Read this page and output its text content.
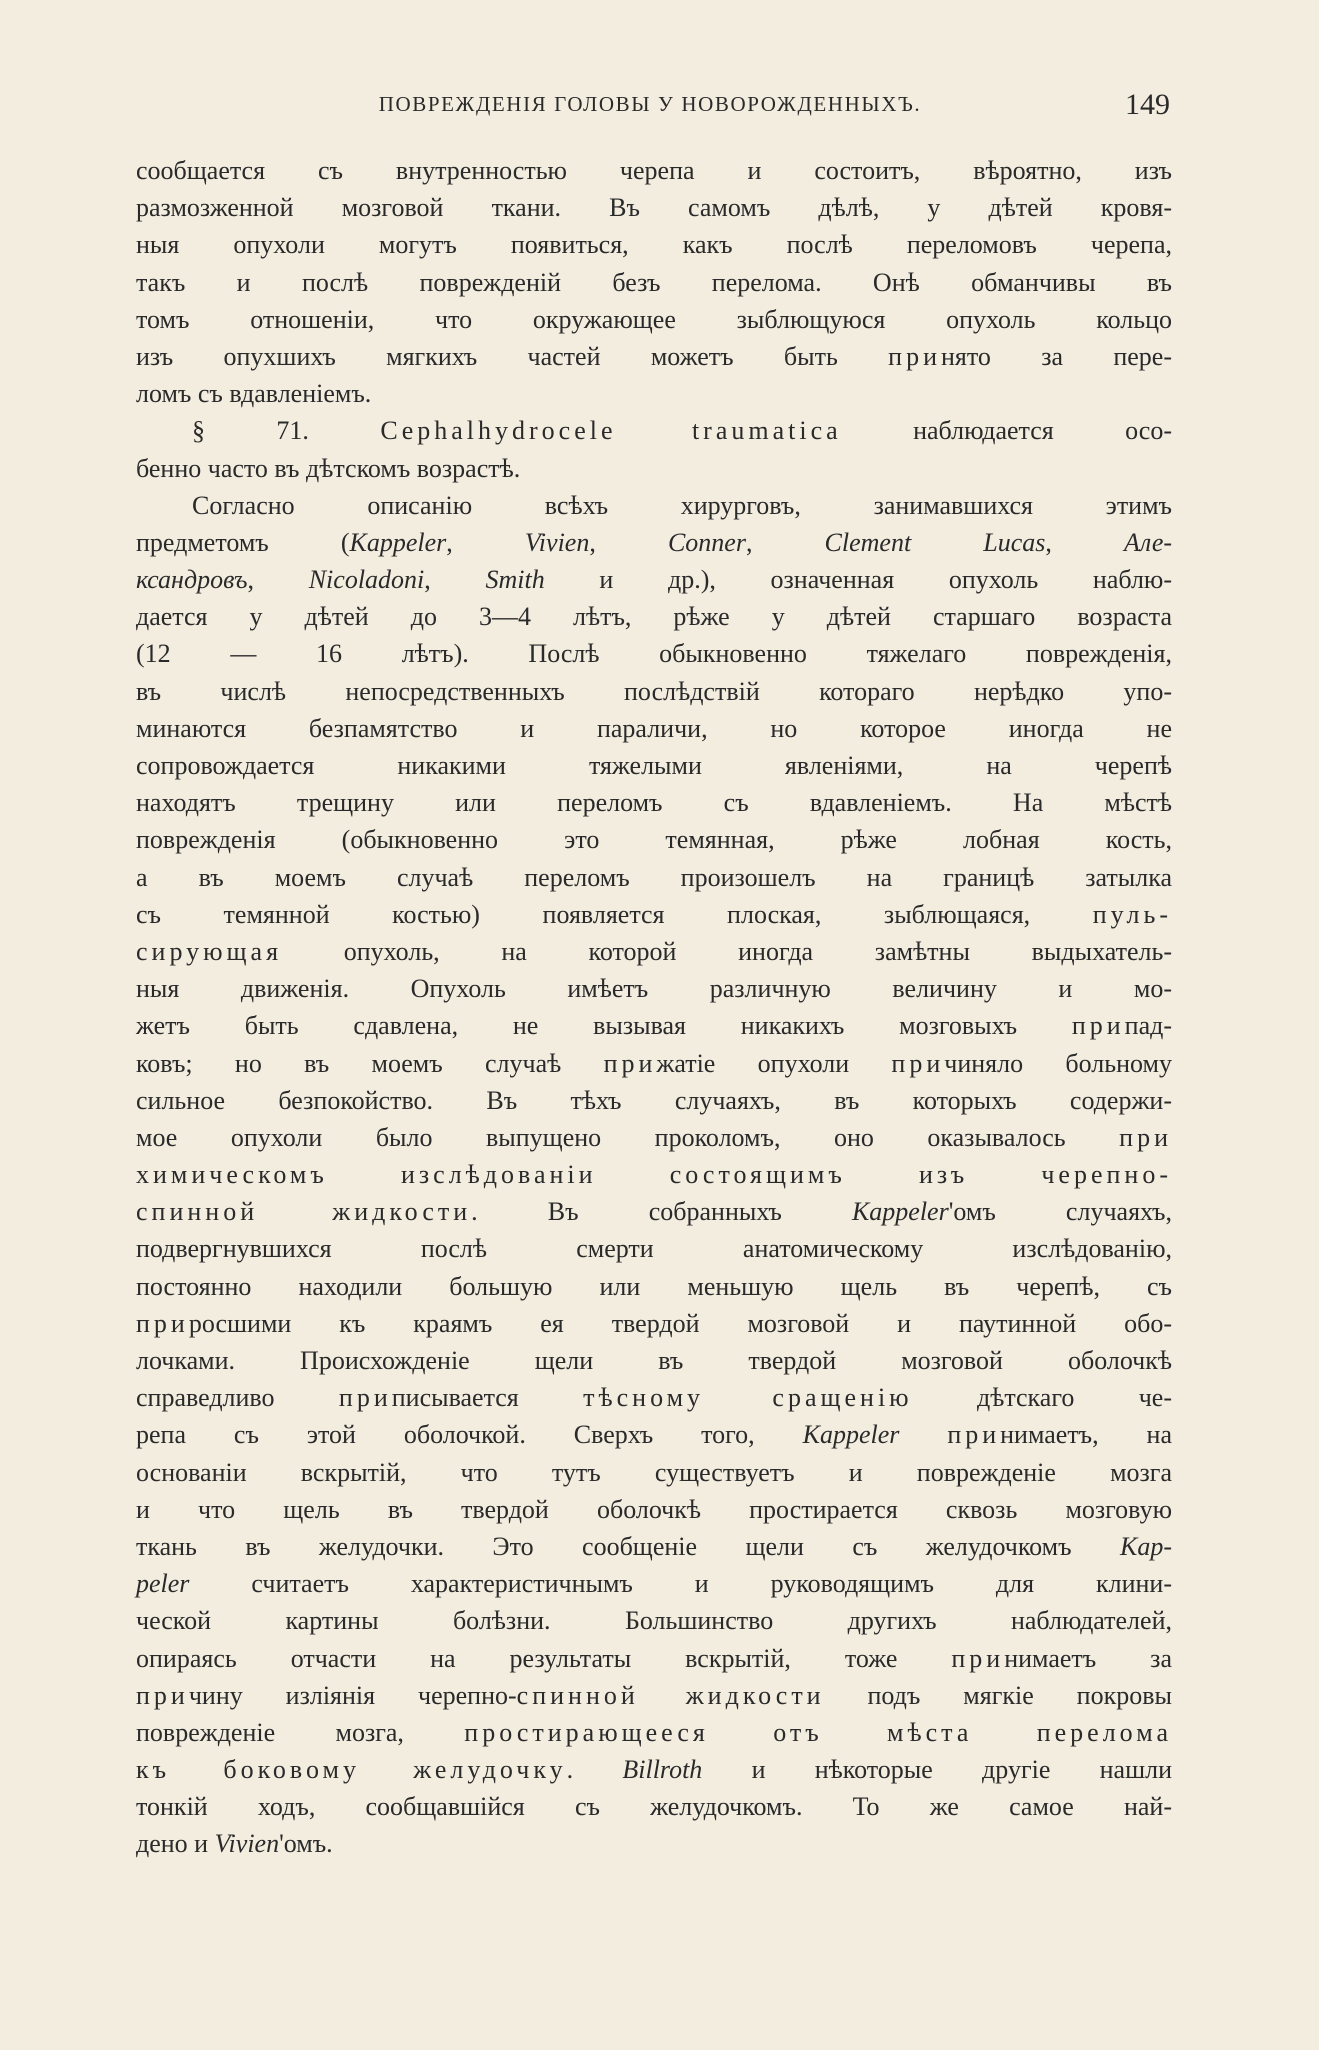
ПОВРЕЖДЕНІЯ ГОЛОВЫ У НОВОРОЖДЕННЫХЪ.	149
сообщается съ внутренностью черепа и состоитъ, вѣроятно, изъ
размозженной мозговой ткани. Въ самомъ дѣлѣ, у дѣтей кровя-
ныя опухоли могутъ появиться, какъ послѣ переломовъ черепа,
такъ и послѣ поврежденій безъ перелома. Онѣ обманчивы въ
томъ отношеніи, что окружающее зыблющуюся опухоль кольцо
изъ опухшихъ мягкихъ частей можетъ быть принято за пере-
ломъ съ вдавленіемъ.
§ 71. Cephalhydrocele traumatica наблюдается осо-
бенно часто въ дѣтскомъ возрастѣ.
Согласно описанію всѣхъ хирурговъ, занимавшихся этимъ
предметомъ (Kappeler, Vivien, Conner, Clement Lucas, Але-
ксандровъ, Nicoladoni, Smith и др.), означенная опухоль наблю-
дается у дѣтей до 3—4 лѣтъ, рѣже у дѣтей старшаго возраста
(12 — 16 лѣтъ). Послѣ обыкновенно тяжелаго поврежденія,
въ числѣ непосредственныхъ послѣдствій котораго нерѣдко упо-
минаются безпамятство и параличи, но которое иногда не
сопровождается никакими тяжелыми явленіями, на черепѣ
находятъ трещину или переломъ съ вдавленіемъ. На мѣстѣ
поврежденія (обыкновенно это темянная, рѣже лобная кость,
а въ моемъ случаѣ переломъ произошелъ на границѣ затылка
съ темянной костью) появляется плоская, зыблющаяся, пуль-
сирующая опухоль, на которой иногда замѣтны выдыхатель-
ныя движенія. Опухоль имѣетъ различную величину и мо-
жетъ быть сдавлена, не вызывая никакихъ мозговыхъ припад-
ковъ; но въ моемъ случаѣ прижатіе опухоли причиняло больному
сильное безпокойство. Въ тѣхъ случаяхъ, въ которыхъ содержи-
мое опухоли было выпущено проколомъ, оно оказывалось при
химическомъ изслѣдованіи состоящимъ изъ черепно-
спинной жидкости. Въ собранныхъ Kappeler'омъ случаяхъ,
подвергнувшихся послѣ смерти анатомическому изслѣдованію,
постоянно находили большую или меньшую щель въ черепѣ, съ
приросшими къ краямъ ея твердой мозговой и паутинной обо-
лочками. Происхожденіе щели въ твердой мозговой оболочкѣ
справедливо приписывается тѣсному сращенію дѣтскаго че-
репа съ этой оболочкой. Сверхъ того, Kappeler принимаетъ, на
основаніи вскрытій, что тутъ существуетъ и поврежденіе мозга
и что щель въ твердой оболочкѣ простирается сквозь мозговую
ткань въ желудочки. Это сообщеніе щели съ желудочкомъ Kap-
peler считаетъ характеристичнымъ и руководящимъ для клини-
ческой картины болѣзни. Большинство другихъ наблюдателей,
опираясь отчасти на результаты вскрытій, тоже принимаетъ за
причину изліянія черепно-спинной жидкости подъ мягкіе покровы
поврежденіе мозга, простирающееся отъ мѣста перелома
къ боковому желудочку. Billroth и нѣкоторые другіе нашли
тонкій ходъ, сообщавшійся съ желудочкомъ. То же самое най-
дено и Vivien'омъ.
